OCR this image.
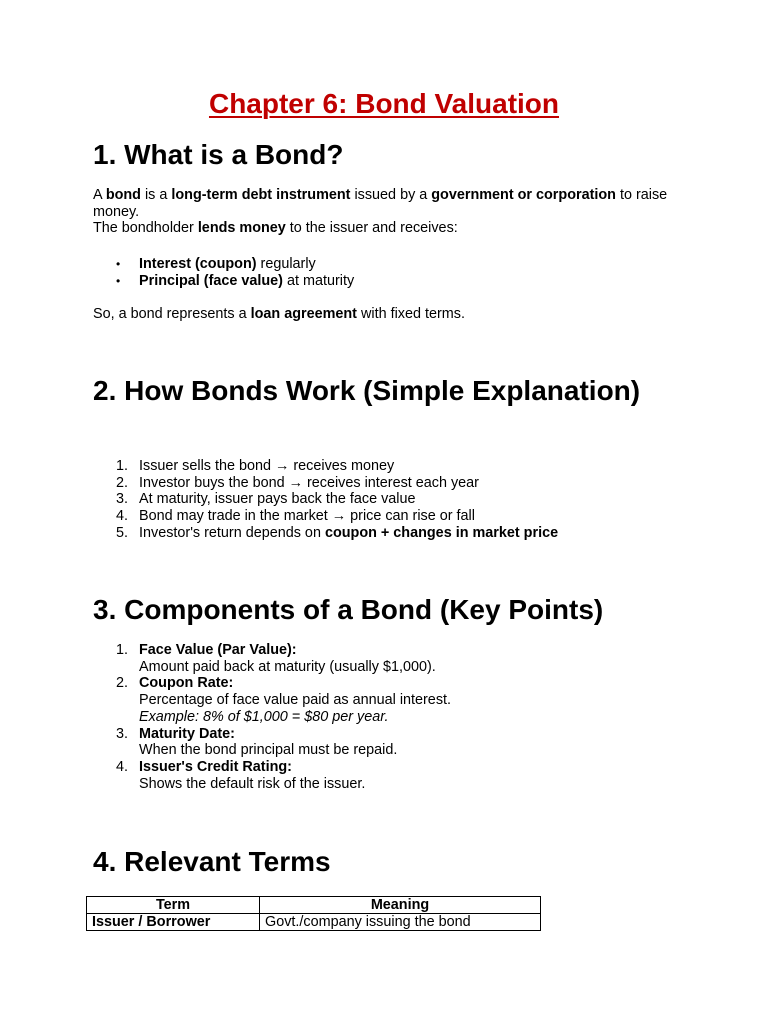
Chapter 6: Bond Valuation
1. What is a Bond?
A bond is a long-term debt instrument issued by a government or corporation to raise money.
The bondholder lends money to the issuer and receives:
• Interest (coupon) regularly
• Principal (face value) at maturity
So, a bond represents a loan agreement with fixed terms.
2. How Bonds Work (Simple Explanation)
1. Issuer sells the bond → receives money
2. Investor buys the bond → receives interest each year
3. At maturity, issuer pays back the face value
4. Bond may trade in the market → price can rise or fall
5. Investor's return depends on coupon + changes in market price
3. Components of a Bond (Key Points)
1. Face Value (Par Value):
Amount paid back at maturity (usually $1,000).
2. Coupon Rate:
Percentage of face value paid as annual interest.
Example: 8% of $1,000 = $80 per year.
3. Maturity Date:
When the bond principal must be repaid.
4. Issuer's Credit Rating:
Shows the default risk of the issuer.
4. Relevant Terms
Term	Meaning
Issuer / Borrower	Govt./company issuing the bond
